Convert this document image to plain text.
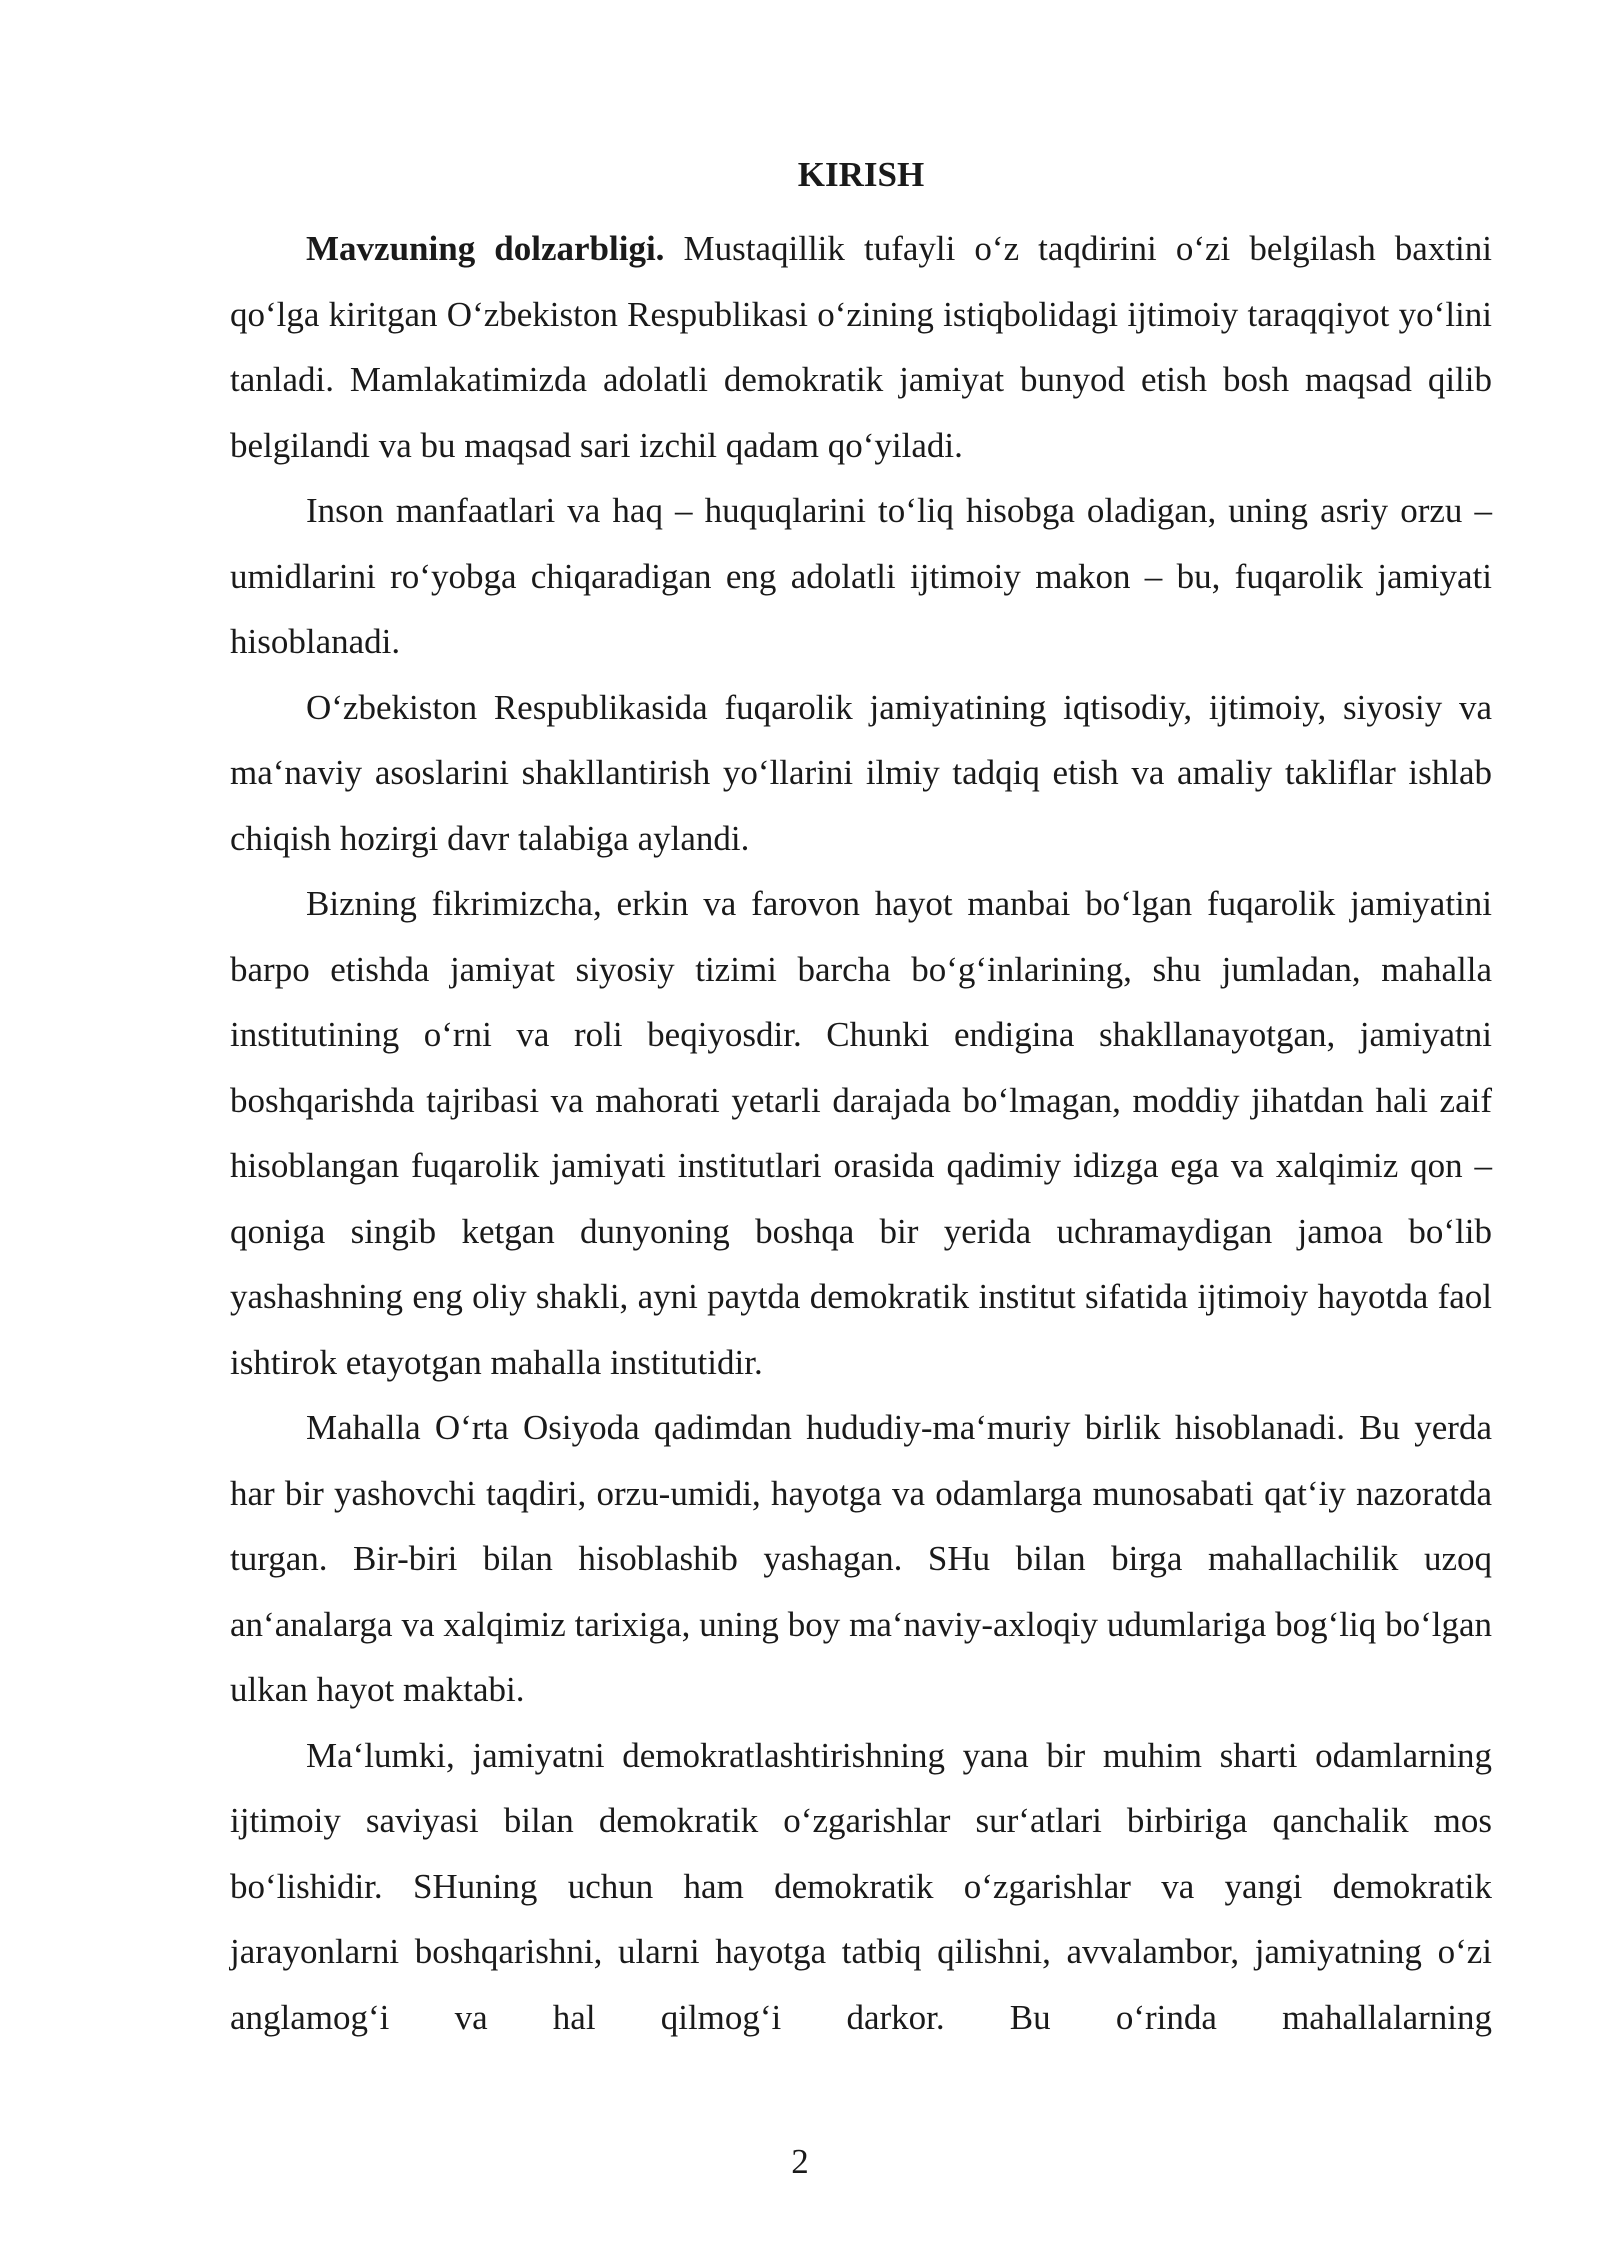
KIRISH

Mavzuning dolzarbligi. Mustaqillik tufayli o‘z taqdirini o‘zi belgilash baxtini qo‘lga kiritgan O‘zbekiston Respublikasi o‘zining istiqbolidagi ijtimoiy taraqqiyot yo‘lini tanladi. Mamlakatimizda adolatli demokratik jamiyat bunyod etish bosh maqsad qilib belgilandi va bu maqsad sari izchil qadam qo‘yiladi.

Inson manfaatlari va haq – huquqlarini to‘liq hisobga oladigan, uning asriy orzu – umidlarini ro‘yobga chiqaradigan eng adolatli ijtimoiy makon – bu, fuqarolik jamiyati hisoblanadi.

O‘zbekiston Respublikasida fuqarolik jamiyatining iqtisodiy, ijtimoiy, siyosiy va ma‘naviy asoslarini shakllantirish yo‘llarini ilmiy tadqiq etish va amaliy takliflar ishlab chiqish hozirgi davr talabiga aylandi.

Bizning fikrimizcha, erkin va farovon hayot manbai bo‘lgan fuqarolik jamiyatini barpo etishda jamiyat siyosiy tizimi barcha bo‘g‘inlarining, shu jumladan, mahalla institutining o‘rni va roli beqiyosdir. Chunki endigina shakllanayotgan, jamiyatni boshqarishda tajribasi va mahorati yetarli darajada bo‘lmagan, moddiy jihatdan hali zaif hisoblangan fuqarolik jamiyati institutlari orasida qadimiy idizga ega va xalqimiz qon – qoniga singib ketgan dunyoning boshqa bir yerida uchramaydigan jamoa bo‘lib yashashning eng oliy shakli, ayni paytda demokratik institut sifatida ijtimoiy hayotda faol ishtirok etayotgan mahalla institutidir.

Mahalla O‘rta Osiyoda qadimdan hududiy-ma‘muriy birlik hisoblanadi. Bu yerda har bir yashovchi taqdiri, orzu-umidi, hayotga va odamlarga munosabati qat‘iy nazoratda turgan. Bir-biri bilan hisoblashib yashagan. SHu bilan birga mahallachilik uzoq an‘analarga va xalqimiz tarixiga, uning boy ma‘naviy-axloqiy udumlariga bog‘liq bo‘lgan ulkan hayot maktabi.

Ma‘lumki, jamiyatni demokratlashtirishning yana bir muhim sharti odamlarning ijtimoiy saviyasi bilan demokratik o‘zgarishlar sur‘atlari birbiriga qanchalik mos bo‘lishidir. SHuning uchun ham demokratik o‘zgarishlar va yangi demokratik jarayonlarni boshqarishni, ularni hayotga tatbiq qilishni, avvalambor, jamiyatning o‘zi anglamog‘i va hal qilmog‘i darkor. Bu o‘rinda mahallalarning

2
